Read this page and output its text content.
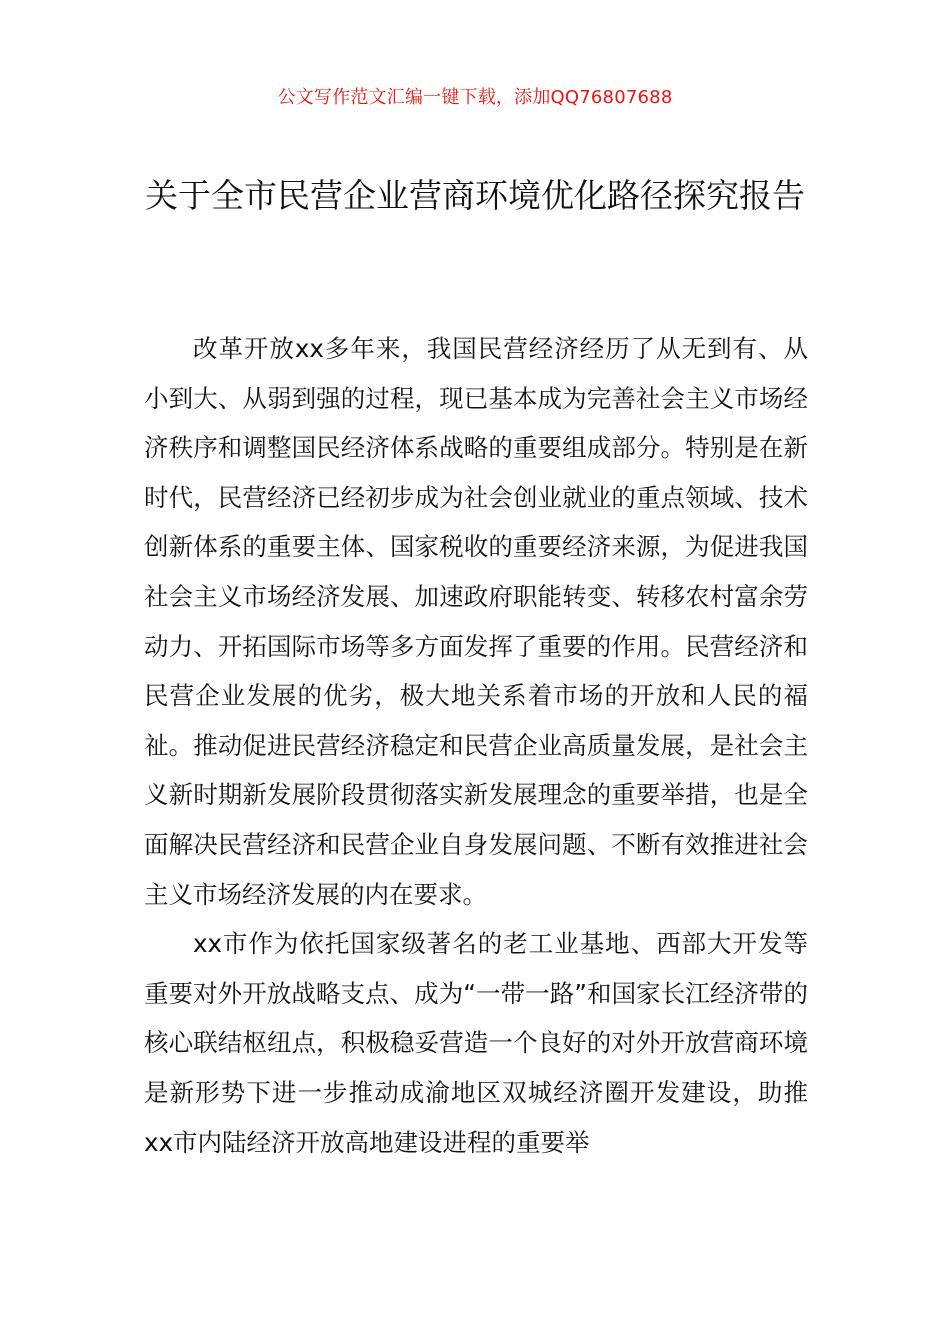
公文写作范文汇编一键下载，添加QQ76807688
关于全市民营企业营商环境优化路径探究报告

改革开放xx多年来，我国民营经济经历了从无到有、从小到大、从弱到强的过程，现已基本成为完善社会主义市场经济秩序和调整国民经济体系战略的重要组成部分。特别是在新时代，民营经济已经初步成为社会创业就业的重点领域、技术创新体系的重要主体、国家税收的重要经济来源，为促进我国社会主义市场经济发展、加速政府职能转变、转移农村富余劳动力、开拓国际市场等多方面发挥了重要的作用。民营经济和民营企业发展的优劣，极大地关系着市场的开放和人民的福祉。推动促进民营经济稳定和民营企业高质量发展，是社会主义新时期新发展阶段贯彻落实新发展理念的重要举措，也是全面解决民营经济和民营企业自身发展问题、不断有效推进社会主义市场经济发展的内在要求。

xx市作为依托国家级著名的老工业基地、西部大开发等重要对外开放战略支点、成为“一带一路”和国家长江经济带的核心联结枢纽点，积极稳妥营造一个良好的对外开放营商环境是新形势下进一步推动成渝地区双城经济圈开发建设，助推xx市内陆经济开放高地建设进程的重要举
